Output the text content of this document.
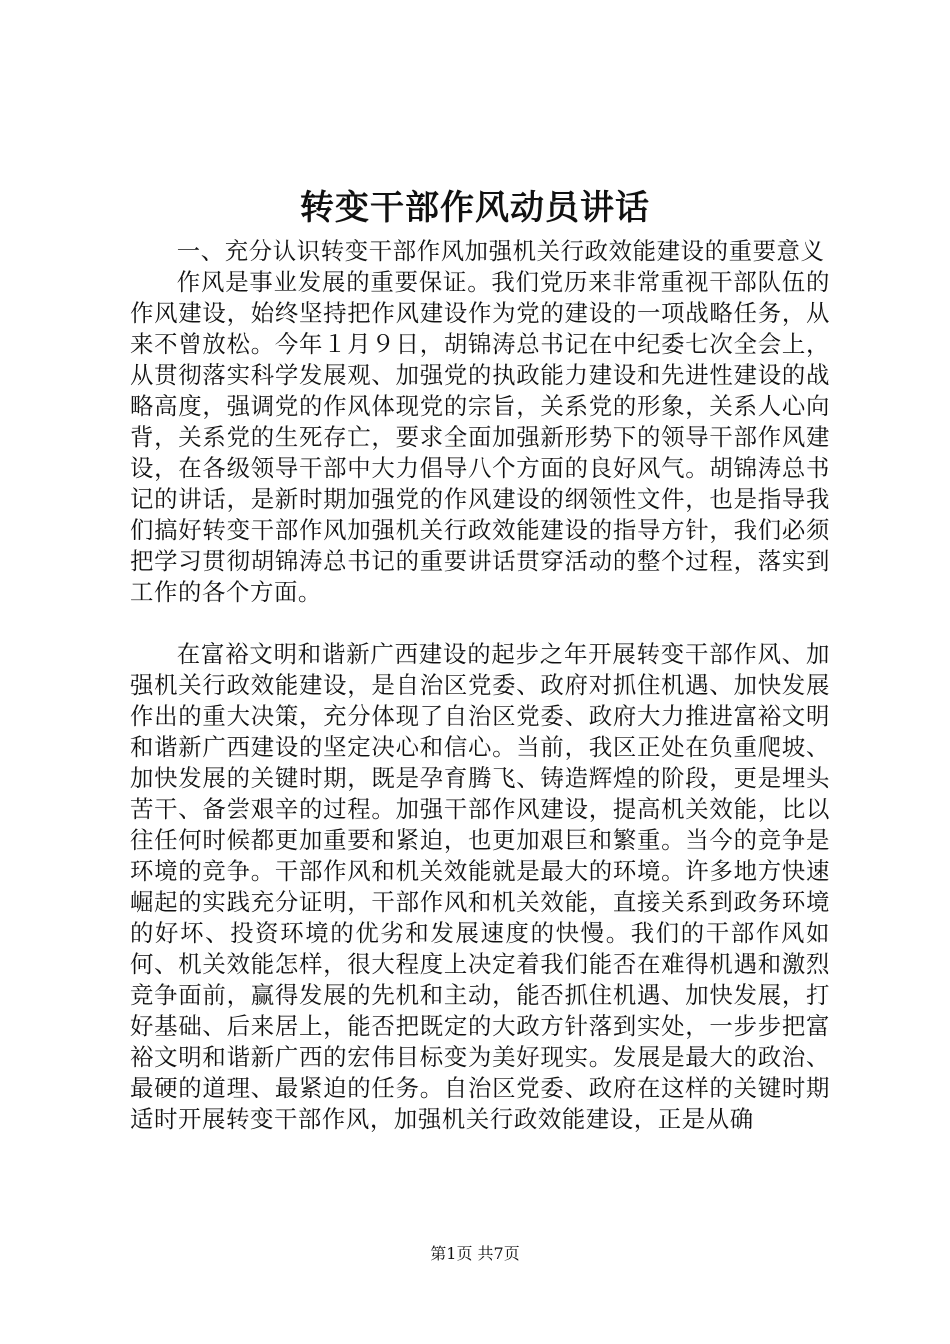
转变干部作风动员讲话

一、充分认识转变干部作风加强机关行政效能建设的重要意义

作风是事业发展的重要保证。我们党历来非常重视干部队伍的作风建设，始终坚持把作风建设作为党的建设的一项战略任务，从来不曾放松。今年１月９日，胡锦涛总书记在中纪委七次全会上，从贯彻落实科学发展观、加强党的执政能力建设和先进性建设的战略高度，强调党的作风体现党的宗旨，关系党的形象，关系人心向背，关系党的生死存亡，要求全面加强新形势下的领导干部作风建设，在各级领导干部中大力倡导八个方面的良好风气。胡锦涛总书记的讲话，是新时期加强党的作风建设的纲领性文件，也是指导我们搞好转变干部作风加强机关行政效能建设的指导方针，我们必须把学习贯彻胡锦涛总书记的重要讲话贯穿活动的整个过程，落实到工作的各个方面。

在富裕文明和谐新广西建设的起步之年开展转变干部作风、加强机关行政效能建设，是自治区党委、政府对抓住机遇、加快发展作出的重大决策，充分体现了自治区党委、政府大力推进富裕文明和谐新广西建设的坚定决心和信心。当前，我区正处在负重爬坡、加快发展的关键时期，既是孕育腾飞、铸造辉煌的阶段，更是埋头苦干、备尝艰辛的过程。加强干部作风建设，提高机关效能，比以往任何时候都更加重要和紧迫，也更加艰巨和繁重。当今的竞争是环境的竞争。干部作风和机关效能就是最大的环境。许多地方快速崛起的实践充分证明，干部作风和机关效能，直接关系到政务环境的好坏、投资环境的优劣和发展速度的快慢。我们的干部作风如何、机关效能怎样，很大程度上决定着我们能否在难得机遇和激烈竞争面前，赢得发展的先机和主动，能否抓住机遇、加快发展，打好基础、后来居上，能否把既定的大政方针落到实处，一步步把富裕文明和谐新广西的宏伟目标变为美好现实。发展是最大的政治、最硬的道理、最紧迫的任务。自治区党委、政府在这样的关键时期适时开展转变干部作风，加强机关行政效能建设，正是从确

第1页 共7页
